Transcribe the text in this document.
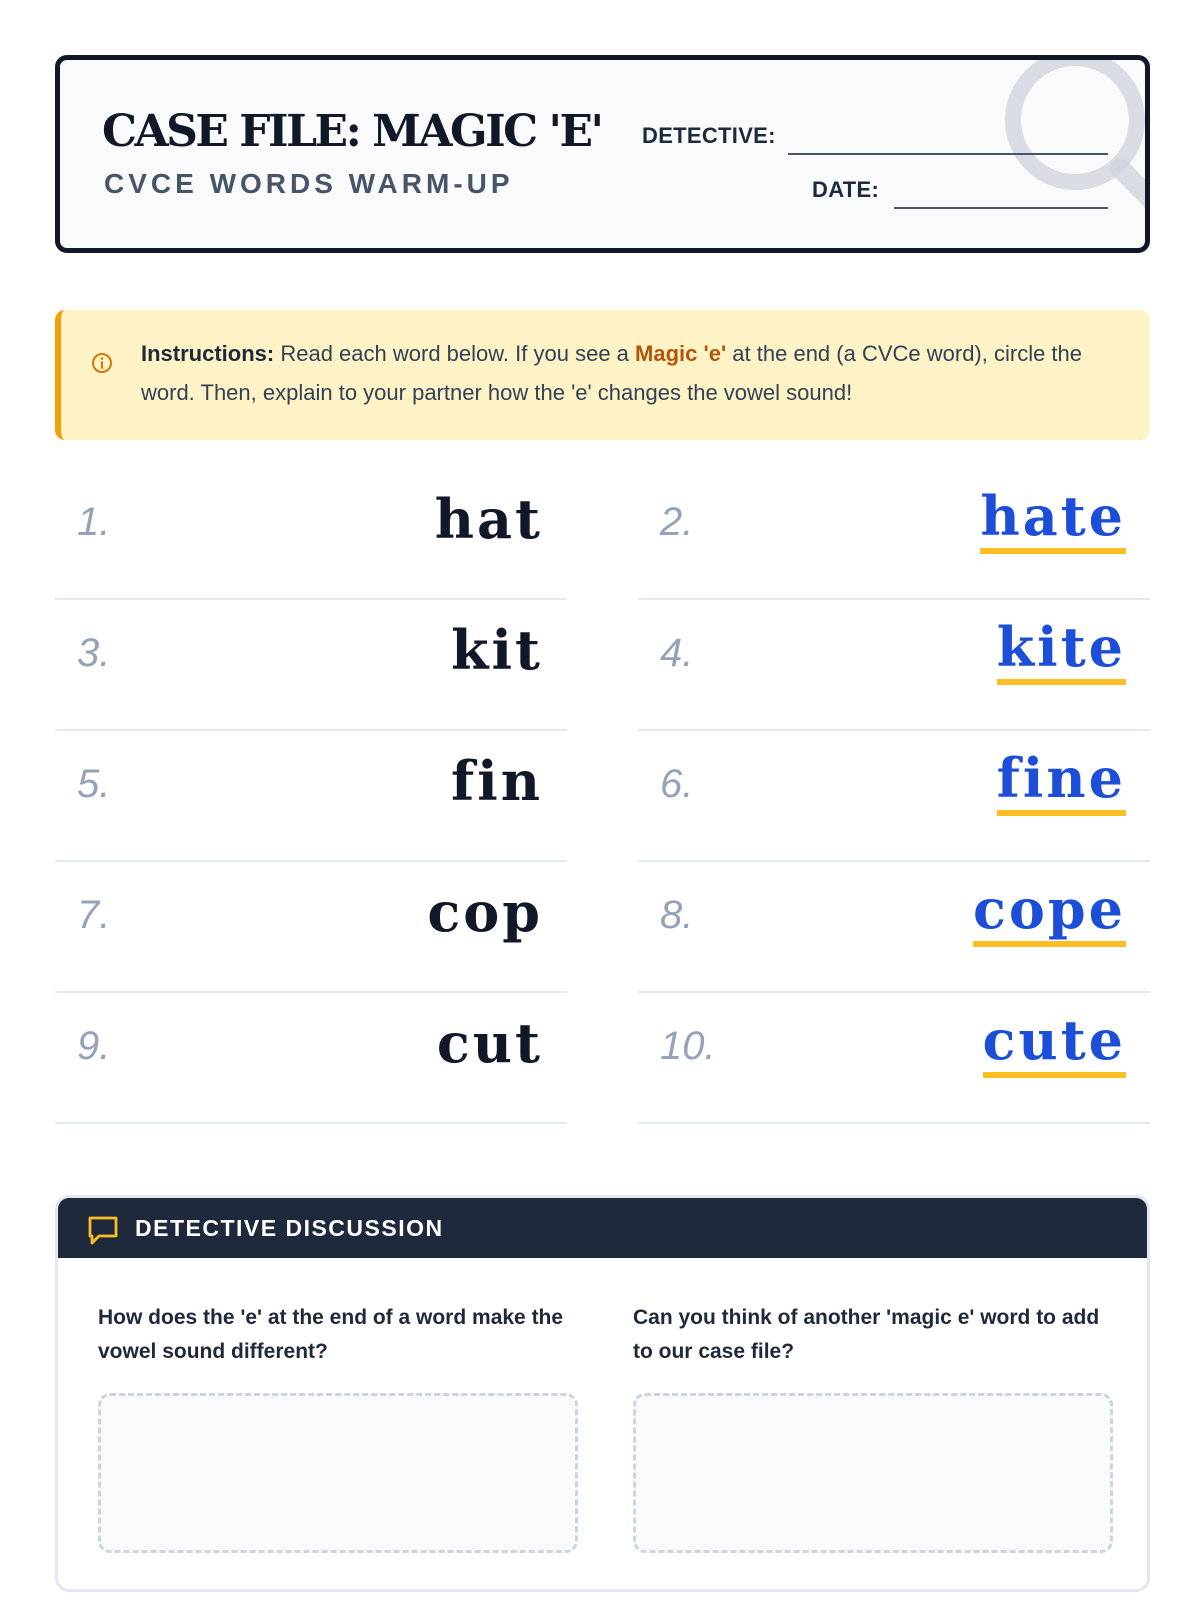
CASE FILE: MAGIC 'E'
CVCE WORDS WARM-UP
DETECTIVE:
DATE:
Instructions: Read each word below. If you see a Magic 'e' at the end (a CVCe word), circle the word. Then, explain to your partner how the 'e' changes the vowel sound!
1.	hat	2.	hate
3.	kit	4.	kite
5.	fin	6.	fine
7.	cop	8.	cope
9.	cut	10.	cute
DETECTIVE DISCUSSION
How does the 'e' at the end of a word make the vowel sound different?
Can you think of another 'magic e' word to add to our case file?
